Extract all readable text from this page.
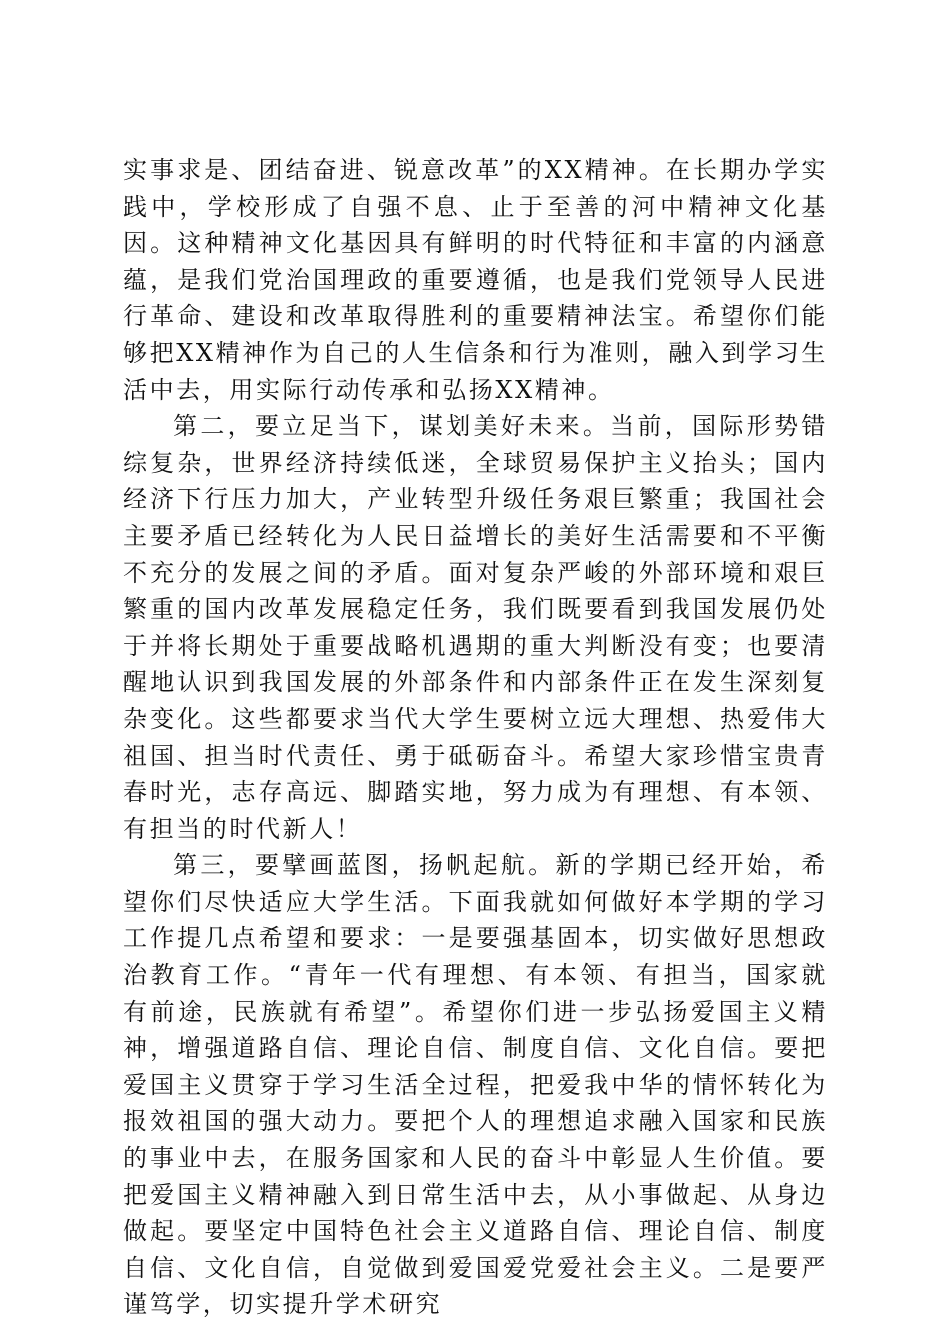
实事求是、团结奋进、锐意改革”的XX精神。在长期办学实践中，学校形成了自强不息、止于至善的河中精神文化基因。这种精神文化基因具有鲜明的时代特征和丰富的内涵意蕴，是我们党治国理政的重要遵循，也是我们党领导人民进行革命、建设和改革取得胜利的重要精神法宝。希望你们能够把XX精神作为自己的人生信条和行为准则，融入到学习生活中去，用实际行动传承和弘扬XX精神。

第二，要立足当下，谋划美好未来。当前，国际形势错综复杂，世界经济持续低迷，全球贸易保护主义抬头；国内经济下行压力加大，产业转型升级任务艰巨繁重；我国社会主要矛盾已经转化为人民日益增长的美好生活需要和不平衡不充分的发展之间的矛盾。面对复杂严峻的外部环境和艰巨繁重的国内改革发展稳定任务，我们既要看到我国发展仍处于并将长期处于重要战略机遇期的重大判断没有变；也要清醒地认识到我国发展的外部条件和内部条件正在发生深刻复杂变化。这些都要求当代大学生要树立远大理想、热爱伟大祖国、担当时代责任、勇于砥砺奋斗。希望大家珍惜宝贵青春时光，志存高远、脚踏实地，努力成为有理想、有本领、有担当的时代新人！

第三，要擘画蓝图，扬帆起航。新的学期已经开始，希望你们尽快适应大学生活。下面我就如何做好本学期的学习工作提几点希望和要求：一是要强基固本，切实做好思想政治教育工作。“青年一代有理想、有本领、有担当，国家就有前途，民族就有希望”。希望你们进一步弘扬爱国主义精神，增强道路自信、理论自信、制度自信、文化自信。要把爱国主义贯穿于学习生活全过程，把爱我中华的情怀转化为报效祖国的强大动力。要把个人的理想追求融入国家和民族的事业中去，在服务国家和人民的奋斗中彰显人生价值。要把爱国主义精神融入到日常生活中去，从小事做起、从身边做起。要坚定中国特色社会主义道路自信、理论自信、制度自信、文化自信，自觉做到爱国爱党爱社会主义。二是要严谨笃学，切实提升学术研究
